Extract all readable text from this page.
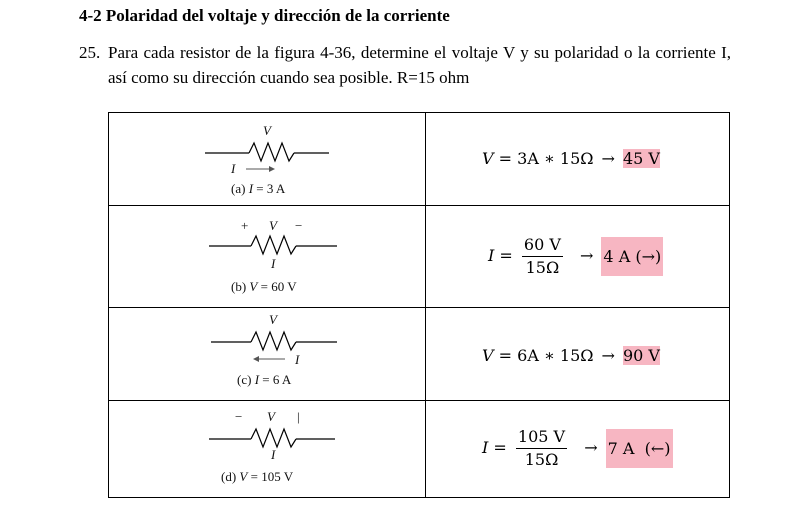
4-2 Polaridad del voltaje y dirección de la corriente
25. Para cada resistor de la figura 4-36, determine el voltaje V y su polaridad o la corriente I, así como su dirección cuando sea posible. R=15 ohm
V
I
(a) I = 3 A	V = 3A ∗ 15Ω → 45 V

+ V −
I
(b) V = 60 V	$I = \frac{60 V}{15\Omega} \to 4$ A (→)

V
I
(c) I = 6 A	V = 6A ∗ 15Ω → 90 V

− V |
I
(d) V = 105 V	$I = \frac{105 V}{15\Omega} \to 7$ A  (←)
